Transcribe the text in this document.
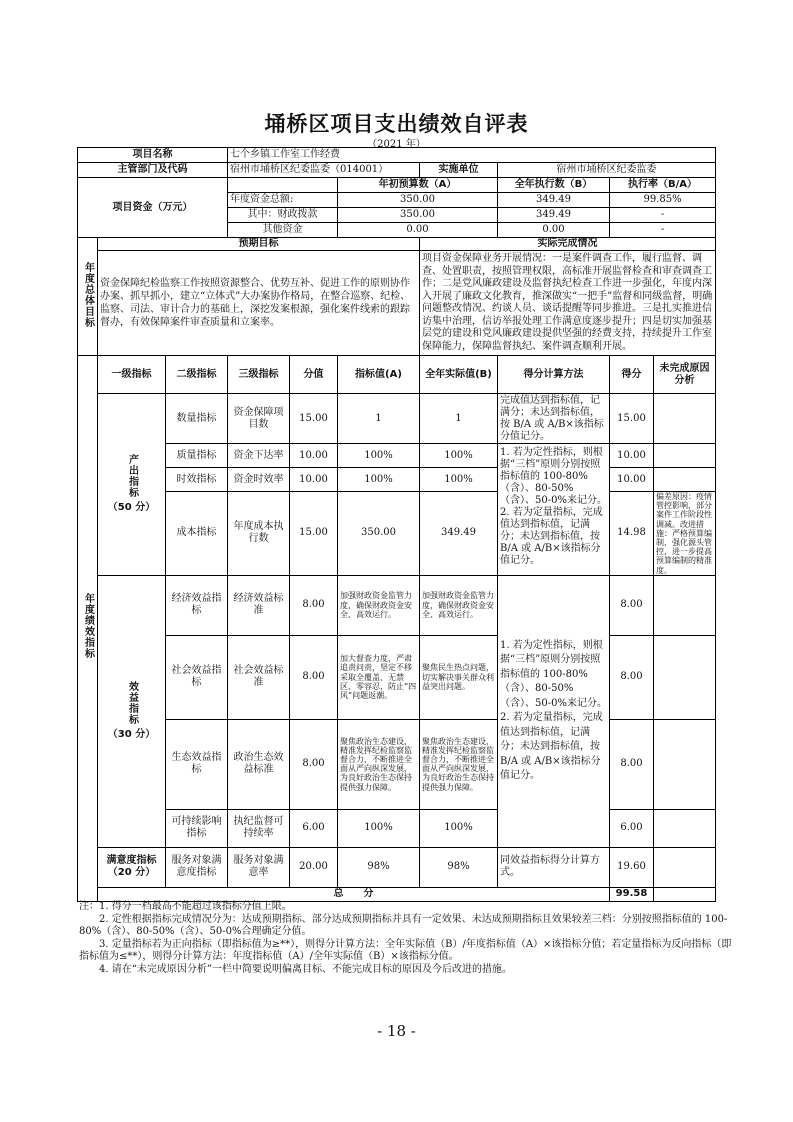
埇桥区项目支出绩效自评表
（2021 年）
项目名称			七个乡镇工作室工作经费						
主管部门及代码			宿州市埇桥区纪委监委（014001）			实施单位	宿州市埇桥区纪委监委		
项目资金（万元）					年初预算数（A）		全年执行数（B）	执行率（B/A）	
			年度资金总额:		350.00		349.49	99.85%	
			其中：财政拨款		350.00		349.49	-	
			其他资金		0.00		0.00	-	
年度总体目标	预期目标					实际完成情况			
	资金保障纪检监察工作按照资源整合、优势互补、促进工作的原则协作办案、抓早抓小，建立“立体式”大办案协作格局，在整合巡察、纪检、监察、司法、审计合力的基础上，深挖发案根源，强化案件线索的跟踪督办，有效保障案件审查质量和立案率。					项目资金保障业务开展情况：一是案件调查工作，履行监督、调查、处置职责，按照管理权限，高标准开展监督检查和审查调查工作；二是党风廉政建设及监督执纪检查工作进一步强化，年度内深入开展了廉政文化教育，推深做实“一把手”监督和同级监督，明确问题整改情况、约谈人员、谈话提醒等同步推进。三是扎实推进信访集中治理，信访举报处理工作满意度逐步提升；四是切实加强基层党的建设和党风廉政建设提供坚强的经费支持，持续提升工作室保障能力，保障监督执纪、案件调查顺利开展。			
年度绩效指标	一级指标	二级指标	三级指标	分值	指标值(A)	全年实际值(B)	得分计算方法	得分	未完成原因分析
	产出指标
（50 分）	数量指标	资金保障项目数	15.00	1	1	完成值达到指标值，记满分；未达到指标值，按 B/A 或 A/B×该指标分值记分。	15.00	
		质量指标	资金下达率	10.00	100%	100%	1. 若为定性指标，则根据“三档”原则分别按照指标值的 100-80%（含）、80-50%（含）、50-0%来记分。2. 若为定量指标，完成值达到指标值，记满分；未达到指标值，按 B/A 或 A/B×该指标分值记分。	10.00	
		时效指标	资金时效率	10.00	100%	100%		10.00	
		成本指标	年度成本执行数	15.00	350.00	349.49		14.98	偏差原因：疫情管控影响，部分案件工作阶段性调减。改进措施：严格预算编制，强化源头管控，进一步提高预算编制的精准度。
	效益指标
（30 分）	经济效益指标	经济效益标准	8.00	加强财政资金监管力度，确保财政资金安全、高效运行。	加强财政资金监管力度，确保财政资金安全、高效运行。	1. 若为定性指标，则根据“三档”原则分别按照指标值的 100-80%（含）、80-50%（含）、50-0%来记分。2. 若为定量指标，完成值达到指标值，记满分；未达到指标值，按 B/A 或 A/B×该指标分值记分。	8.00	
		社会效益指标	社会效益标准	8.00	加大督查力度，严肃追责问责，坚定不移采取全覆盖、无禁区、零容忍，防止“四风”问题返潮。	聚焦民生热点问题，切实解决事关群众利益突出问题。		8.00	
		生态效益指标	政治生态效益标准	8.00	聚焦政治生态建设，精准发挥纪检监察监督合力，不断推进全面从严向纵深发展，为良好政治生态保持提供强力保障。	聚焦政治生态建设，精准发挥纪检监察监督合力，不断推进全面从严向纵深发展，为良好政治生态保持提供强力保障。		8.00	
		可持续影响指标	执纪监督可持续率	6.00	100%	100%		6.00	
	满意度指标（20 分）	服务对象满意度指标	服务对象满意率	20.00	98%	98%	同效益指标得分计算方式。	19.60	
	总　　分							99.58	
注：1. 得分一档最高不能超过该指标分值上限。
　　2. 定性根据指标完成情况分为：达成预期指标、部分达成预期指标并具有一定效果、未达成预期指标且效果较差三档：分别按照指标值的 100-80%（含）、80-50%（含）、50-0%合理确定分值。
　　3. 定量指标若为正向指标（即指标值为≥**），则得分计算方法：全年实际值（B）/年度指标值（A）×该指标分值；若定量指标为反向指标（即指标值为≤**），则得分计算方法：年度指标值（A）/全年实际值（B）×该指标分值。
　　4. 请在“未完成原因分析”一栏中简要说明偏离目标、不能完成目标的原因及今后改进的措施。
- 18 -
